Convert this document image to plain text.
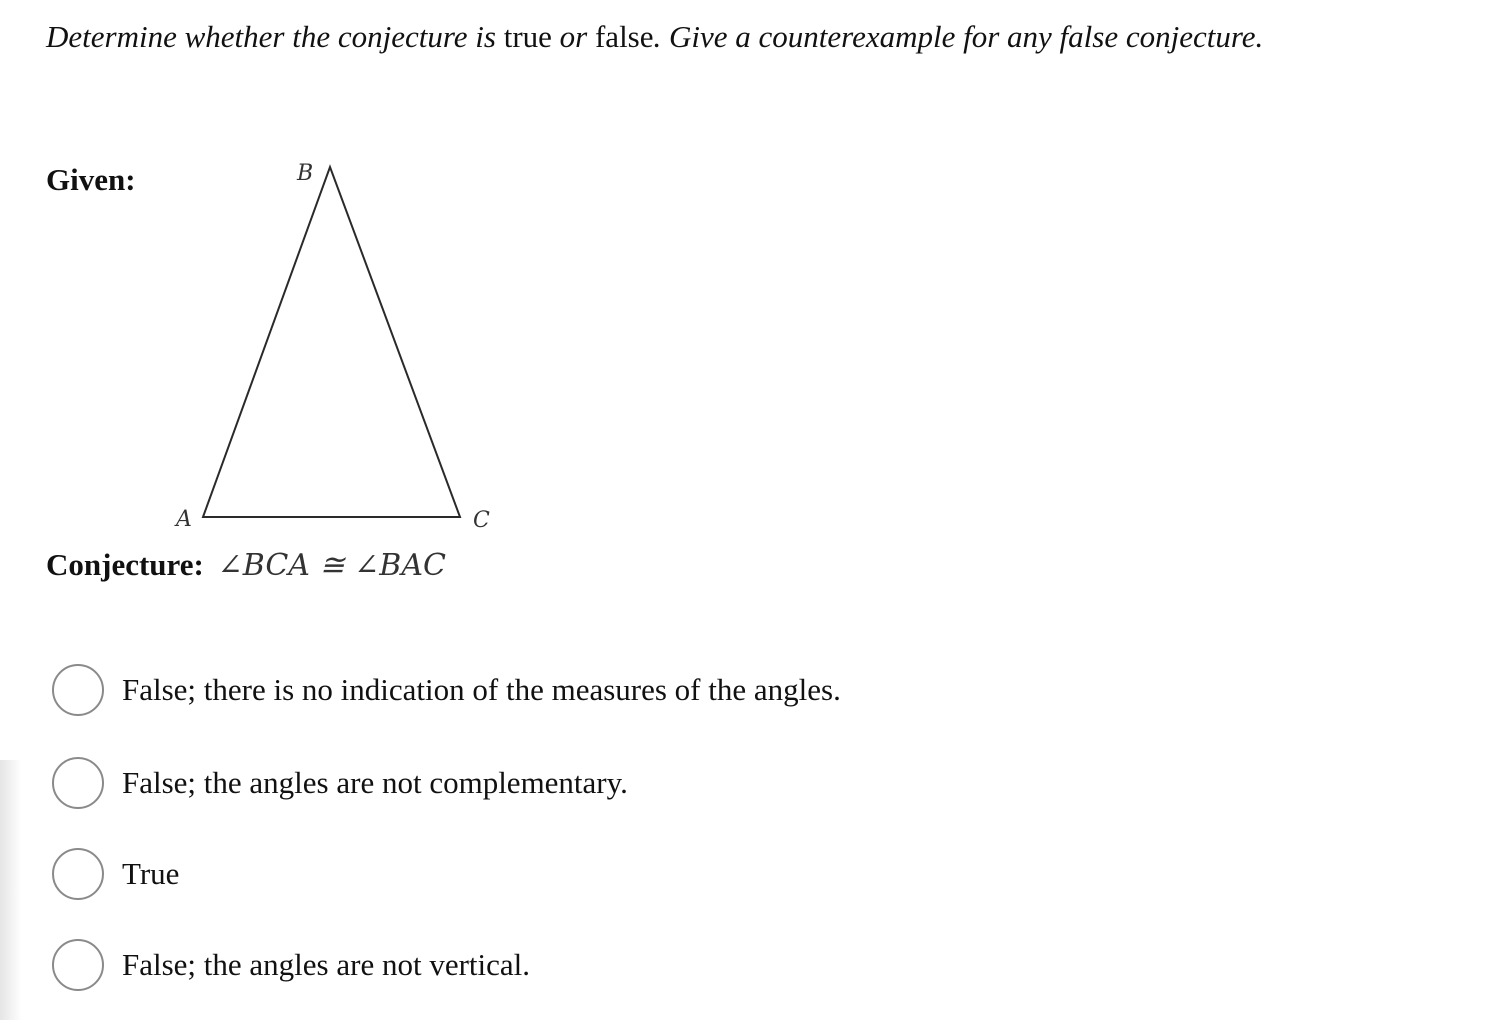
Determine whether the conjecture is true or false. Give a counterexample for any false conjecture.
Given:	B
A	C
Conjecture: ∠BCA ≅ ∠BAC
False; there is no indication of the measures of the angles.
False; the angles are not complementary.
True
False; the angles are not vertical.
